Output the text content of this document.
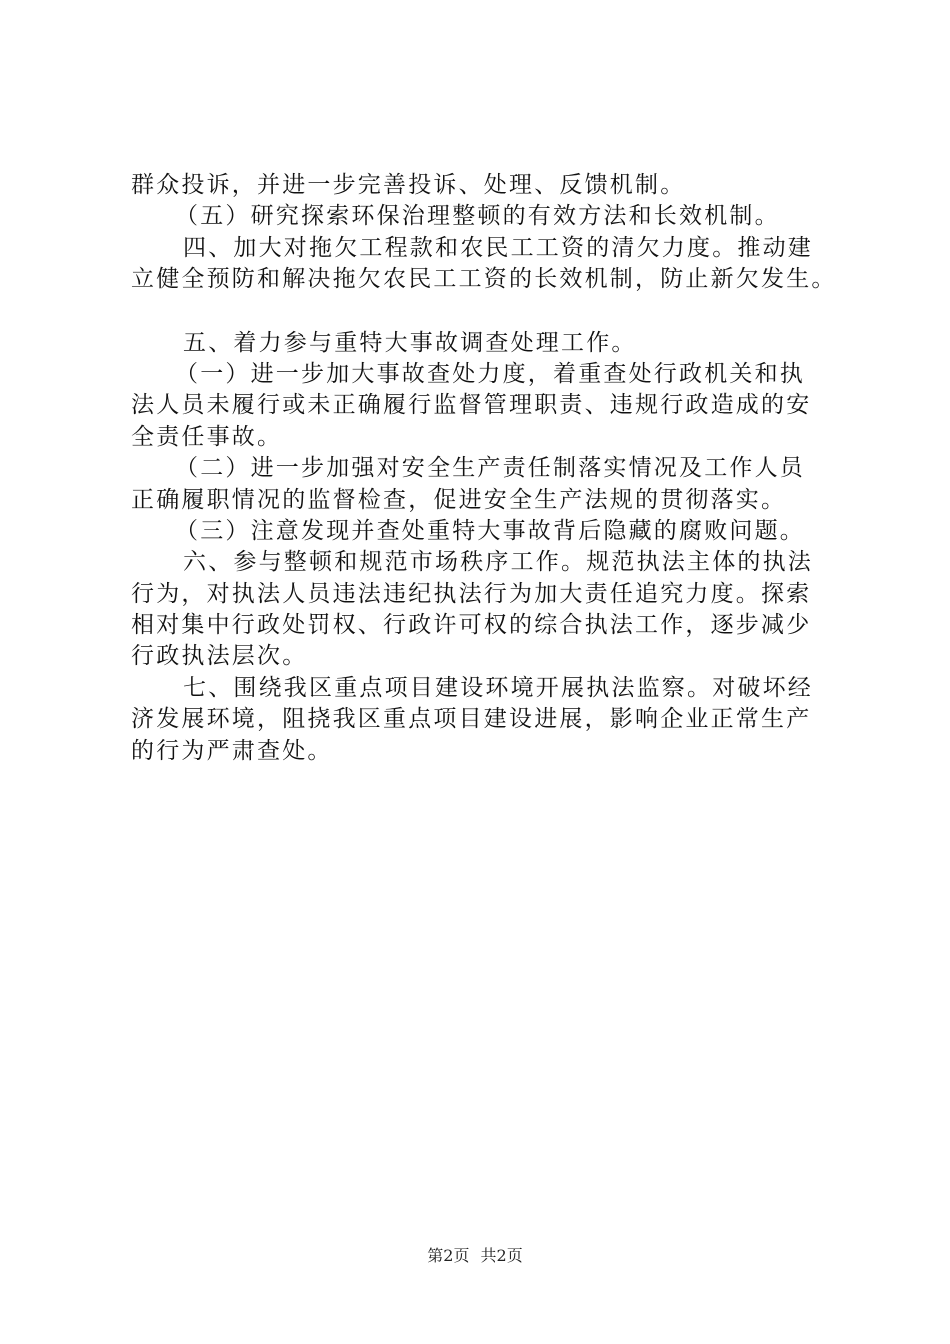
群众投诉，并进一步完善投诉、处理、反馈机制。
（五）研究探索环保治理整顿的有效方法和长效机制。
四、加大对拖欠工程款和农民工工资的清欠力度。推动建
立健全预防和解决拖欠农民工工资的长效机制，防止新欠发生。
五、着力参与重特大事故调查处理工作。
（一）进一步加大事故查处力度，着重查处行政机关和执
法人员未履行或未正确履行监督管理职责、违规行政造成的安
全责任事故。
（二）进一步加强对安全生产责任制落实情况及工作人员
正确履职情况的监督检查，促进安全生产法规的贯彻落实。
（三）注意发现并查处重特大事故背后隐藏的腐败问题。
六、参与整顿和规范市场秩序工作。规范执法主体的执法
行为，对执法人员违法违纪执法行为加大责任追究力度。探索
相对集中行政处罚权、行政许可权的综合执法工作，逐步减少
行政执法层次。
七、围绕我区重点项目建设环境开展执法监察。对破坏经
济发展环境，阻挠我区重点项目建设进展，影响企业正常生产
的行为严肃查处。
第2页 共2页
